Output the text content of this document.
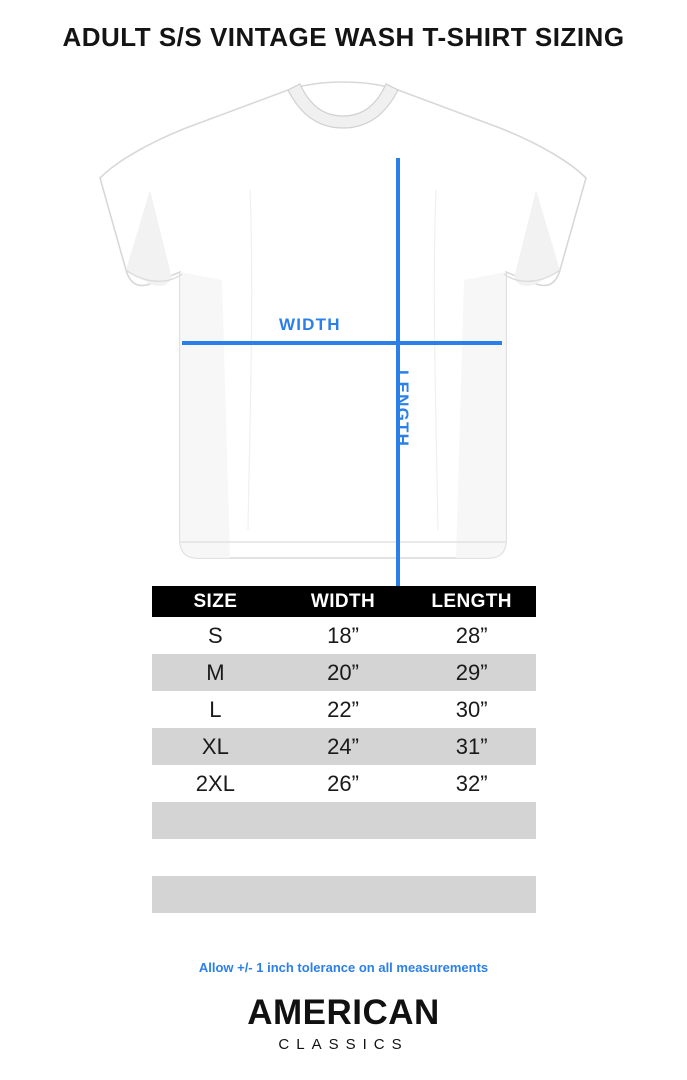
ADULT S/S VINTAGE WASH T-SHIRT SIZING
WIDTH
LENGTH
SIZE	WIDTH	LENGTH
S	18”	28”
M	20”	29”
L	22”	30”
XL	24”	31”
2XL	26”	32”

Allow +/- 1 inch tolerance on all measurements
AMERICAN
CLASSICS
